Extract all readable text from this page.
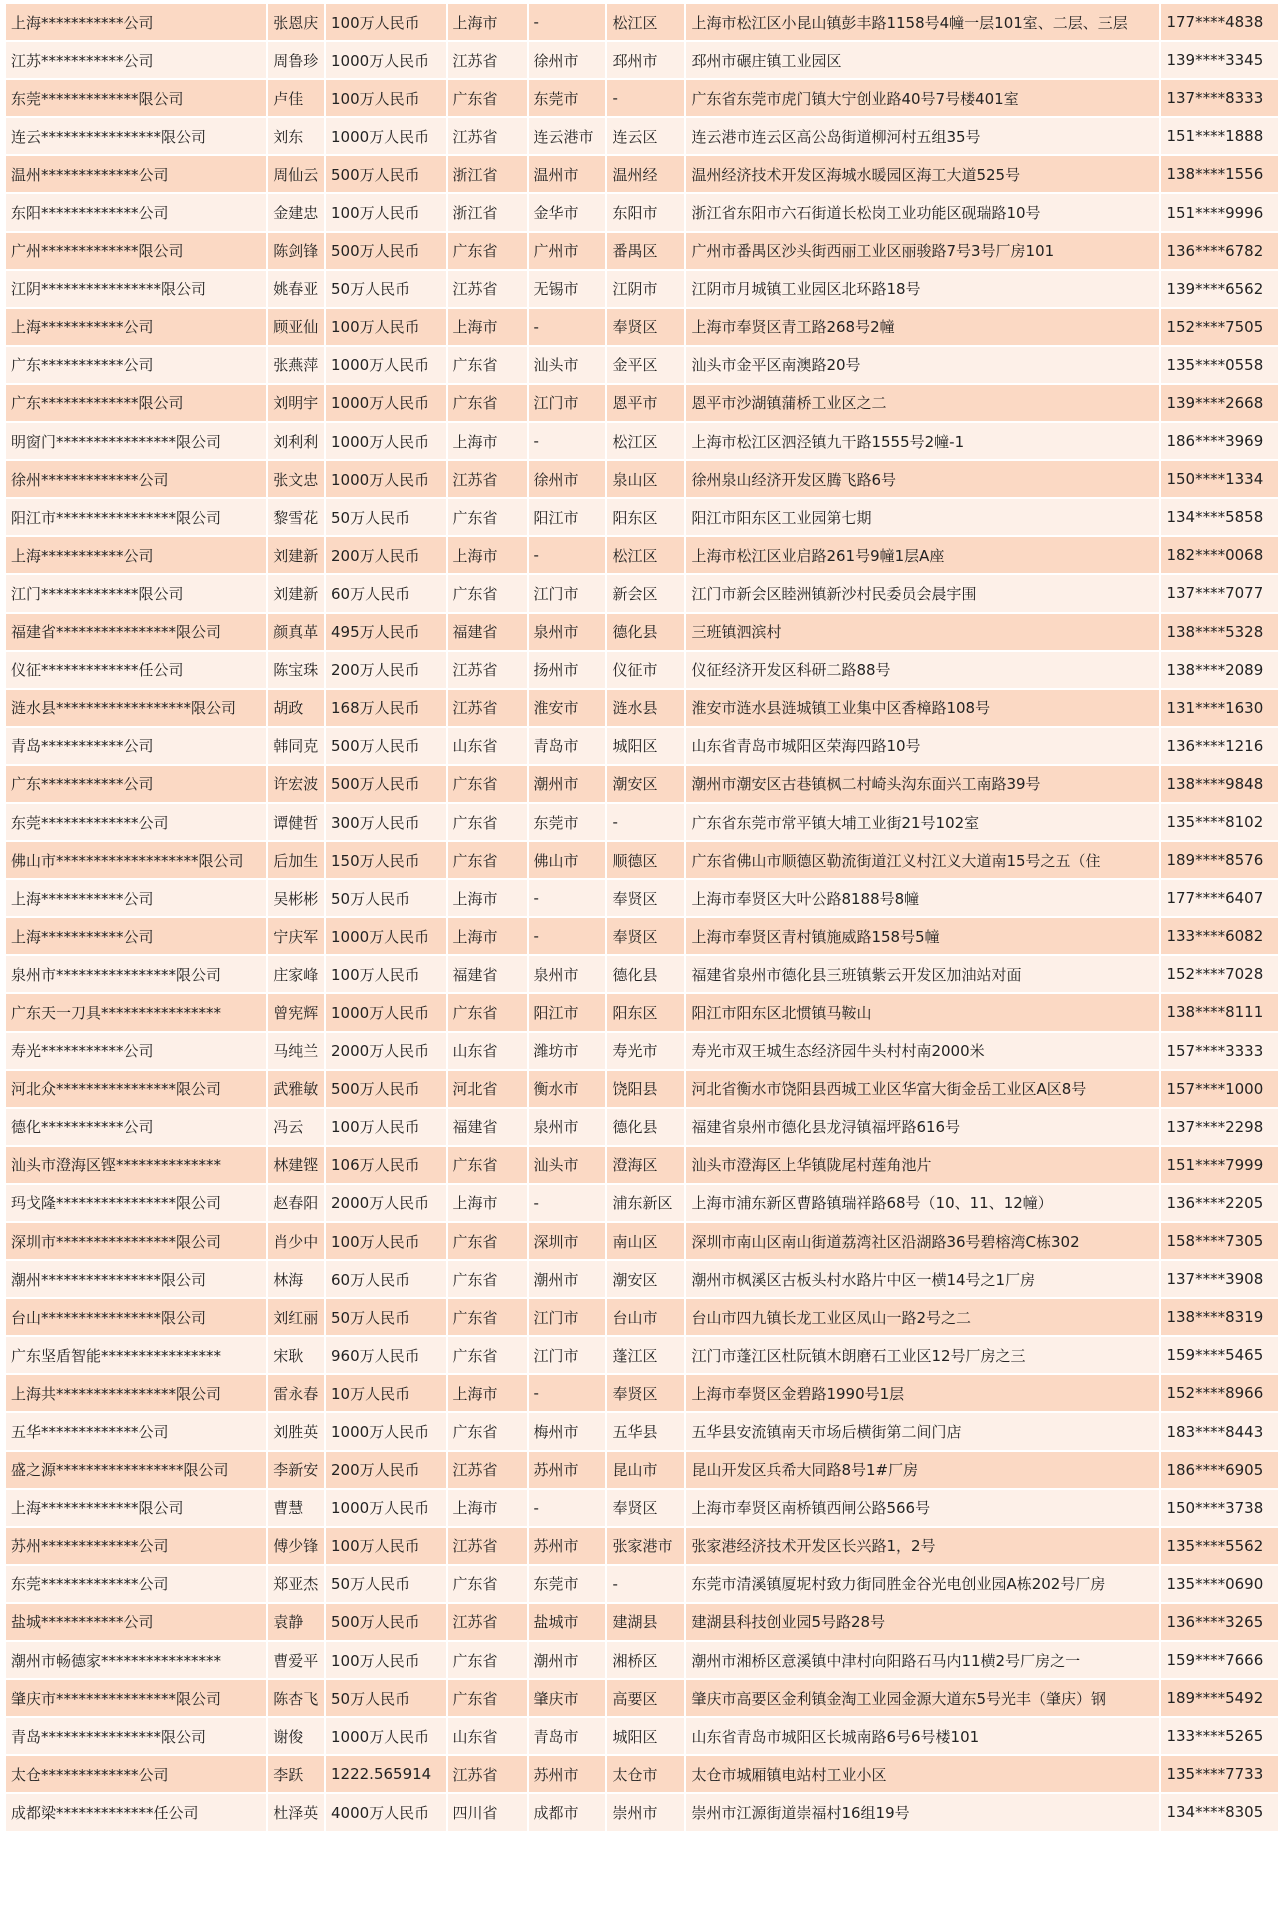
上海***********公司	张恩庆	100万人民币	上海市	-	松江区	上海市松江区小昆山镇彭丰路1158号4幢一层101室、二层、三层	177****4838
江苏***********公司	周鲁珍	1000万人民币	江苏省	徐州市	邳州市	邳州市碾庄镇工业园区	139****3345
东莞*************限公司	卢佳	100万人民币	广东省	东莞市	-	广东省东莞市虎门镇大宁创业路40号7号楼401室	137****8333
连云****************限公司	刘东	1000万人民币	江苏省	连云港市	连云区	连云港市连云区高公岛街道柳河村五组35号	151****1888
温州*************公司	周仙云	500万人民币	浙江省	温州市	温州经	温州经济技术开发区海城水暖园区海工大道525号	138****1556
东阳*************公司	金建忠	100万人民币	浙江省	金华市	东阳市	浙江省东阳市六石街道长松岗工业功能区砚瑞路10号	151****9996
广州*************限公司	陈剑锋	500万人民币	广东省	广州市	番禺区	广州市番禺区沙头街西丽工业区丽骏路7号3号厂房101	136****6782
江阴****************限公司	姚春亚	50万人民币	江苏省	无锡市	江阴市	江阴市月城镇工业园区北环路18号	139****6562
上海***********公司	顾亚仙	100万人民币	上海市	-	奉贤区	上海市奉贤区青工路268号2幢	152****7505
广东***********公司	张燕萍	1000万人民币	广东省	汕头市	金平区	汕头市金平区南澳路20号	135****0558
广东*************限公司	刘明宇	1000万人民币	广东省	江门市	恩平市	恩平市沙湖镇蒲桥工业区之二	139****2668
明窗门****************限公司	刘利利	1000万人民币	上海市	-	松江区	上海市松江区泗泾镇九干路1555号2幢-1	186****3969
徐州*************公司	张文忠	1000万人民币	江苏省	徐州市	泉山区	徐州泉山经济开发区腾飞路6号	150****1334
阳江市****************限公司	黎雪花	50万人民币	广东省	阳江市	阳东区	阳江市阳东区工业园第七期	134****5858
上海***********公司	刘建新	200万人民币	上海市	-	松江区	上海市松江区业启路261号9幢1层A座	182****0068
江门*************限公司	刘建新	60万人民币	广东省	江门市	新会区	江门市新会区睦洲镇新沙村民委员会晨宇围	137****7077
福建省****************限公司	颜真革	495万人民币	福建省	泉州市	德化县	三班镇泗滨村	138****5328
仪征*************任公司	陈宝珠	200万人民币	江苏省	扬州市	仪征市	仪征经济开发区科研二路88号	138****2089
涟水县******************限公司	胡政	168万人民币	江苏省	淮安市	涟水县	淮安市涟水县涟城镇工业集中区香樟路108号	131****1630
青岛***********公司	韩同克	500万人民币	山东省	青岛市	城阳区	山东省青岛市城阳区荣海四路10号	136****1216
广东***********公司	许宏波	500万人民币	广东省	潮州市	潮安区	潮州市潮安区古巷镇枫二村崎头沟东面兴工南路39号	138****9848
东莞*************公司	谭健哲	300万人民币	广东省	东莞市	-	广东省东莞市常平镇大埔工业街21号102室	135****8102
佛山市*******************限公司	后加生	150万人民币	广东省	佛山市	顺德区	广东省佛山市顺德区勒流街道江义村江义大道南15号之五（住	189****8576
上海***********公司	吴彬彬	50万人民币	上海市	-	奉贤区	上海市奉贤区大叶公路8188号8幢	177****6407
上海***********公司	宁庆军	1000万人民币	上海市	-	奉贤区	上海市奉贤区青村镇施威路158号5幢	133****6082
泉州市****************限公司	庄家峰	100万人民币	福建省	泉州市	德化县	福建省泉州市德化县三班镇紫云开发区加油站对面	152****7028
广东天一刀具****************	曾宪辉	1000万人民币	广东省	阳江市	阳东区	阳江市阳东区北惯镇马鞍山	138****8111
寿光***********公司	马纯兰	2000万人民币	山东省	潍坊市	寿光市	寿光市双王城生态经济园牛头村村南2000米	157****3333
河北众****************限公司	武雅敏	500万人民币	河北省	衡水市	饶阳县	河北省衡水市饶阳县西城工业区华富大街金岳工业区A区8号	157****1000
德化***********公司	冯云	100万人民币	福建省	泉州市	德化县	福建省泉州市德化县龙浔镇福坪路616号	137****2298
汕头市澄海区铿**************	林建铿	106万人民币	广东省	汕头市	澄海区	汕头市澄海区上华镇陇尾村莲角池片	151****7999
玛戈隆****************限公司	赵春阳	2000万人民币	上海市	-	浦东新区	上海市浦东新区曹路镇瑞祥路68号（10、11、12幢）	136****2205
深圳市****************限公司	肖少中	100万人民币	广东省	深圳市	南山区	深圳市南山区南山街道荔湾社区沿湖路36号碧榕湾C栋302	158****7305
潮州****************限公司	林海	60万人民币	广东省	潮州市	潮安区	潮州市枫溪区古板头村水路片中区一横14号之1厂房	137****3908
台山****************限公司	刘红丽	50万人民币	广东省	江门市	台山市	台山市四九镇长龙工业区凤山一路2号之二	138****8319
广东坚盾智能****************	宋耿	960万人民币	广东省	江门市	蓬江区	江门市蓬江区杜阮镇木朗磨石工业区12号厂房之三	159****5465
上海共****************限公司	雷永春	10万人民币	上海市	-	奉贤区	上海市奉贤区金碧路1990号1层	152****8966
五华*************公司	刘胜英	1000万人民币	广东省	梅州市	五华县	五华县安流镇南天市场后横街第二间门店	183****8443
盛之源*****************限公司	李新安	200万人民币	江苏省	苏州市	昆山市	昆山开发区兵希大同路8号1#厂房	186****6905
上海*************限公司	曹慧	1000万人民币	上海市	-	奉贤区	上海市奉贤区南桥镇西闸公路566号	150****3738
苏州*************公司	傅少锋	100万人民币	江苏省	苏州市	张家港市	张家港经济技术开发区长兴路1，2号	135****5562
东莞*************公司	郑亚杰	50万人民币	广东省	东莞市	-	东莞市清溪镇厦坭村致力街同胜金谷光电创业园A栋202号厂房	135****0690
盐城***********公司	袁静	500万人民币	江苏省	盐城市	建湖县	建湖县科技创业园5号路28号	136****3265
潮州市畅德家****************	曹爱平	100万人民币	广东省	潮州市	湘桥区	潮州市湘桥区意溪镇中津村向阳路石马内11横2号厂房之一	159****7666
肇庆市****************限公司	陈杏飞	50万人民币	广东省	肇庆市	高要区	肇庆市高要区金利镇金淘工业园金源大道东5号光丰（肇庆）钢	189****5492
青岛****************限公司	谢俊	1000万人民币	山东省	青岛市	城阳区	山东省青岛市城阳区长城南路6号6号楼101	133****5265
太仓*************公司	李跃	1222.565914	江苏省	苏州市	太仓市	太仓市城厢镇电站村工业小区	135****7733
成都梁*************任公司	杜泽英	4000万人民币	四川省	成都市	崇州市	崇州市江源街道崇福村16组19号	134****8305
